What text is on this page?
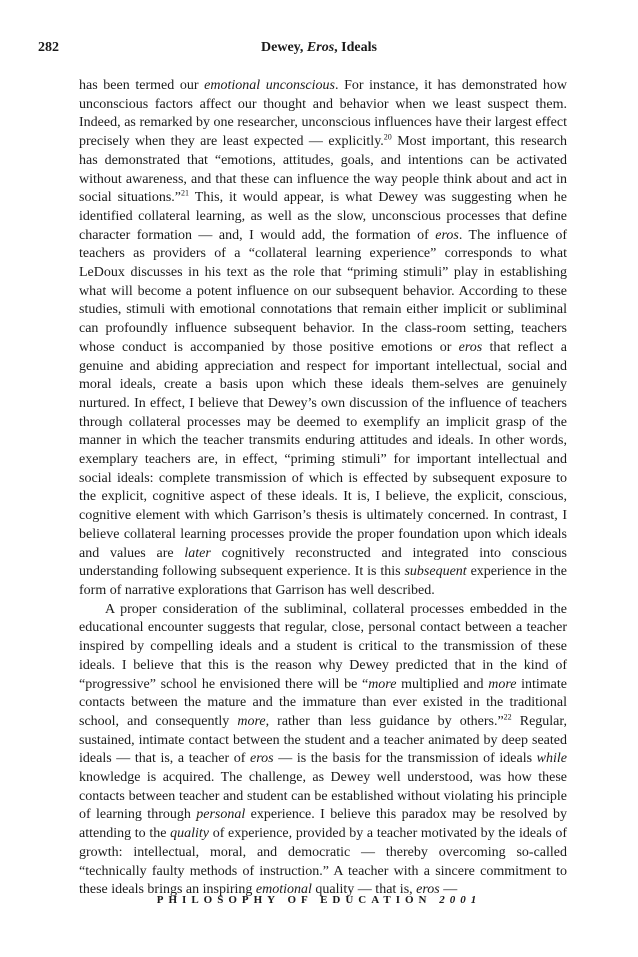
282	Dewey, Eros, Ideals

has been termed our emotional unconscious. For instance, it has demonstrated how unconscious factors affect our thought and behavior when we least suspect them. Indeed, as remarked by one researcher, unconscious influences have their largest effect precisely when they are least expected — explicitly.$^{20}$ Most important, this research has demonstrated that “emotions, attitudes, goals, and intentions can be activated without awareness, and that these can influence the way people think about and act in social situations.”$^{21}$ This, it would appear, is what Dewey was suggesting when he identified collateral learning, as well as the slow, unconscious processes that define character formation — and, I would add, the formation of eros. The influence of teachers as providers of a “collateral learning experience” corresponds to what LeDoux discusses in his text as the role that “priming stimuli” play in establishing what will become a potent influence on our subsequent behavior. According to these studies, stimuli with emotional connotations that remain either implicit or subliminal can profoundly influence subsequent behavior. In the class-room setting, teachers whose conduct is accompanied by those positive emotions or eros that reflect a genuine and abiding appreciation and respect for important intellectual, social and moral ideals, create a basis upon which these ideals them-selves are genuinely nurtured. In effect, I believe that Dewey’s own discussion of the influence of teachers through collateral processes may be deemed to exemplify an implicit grasp of the manner in which the teacher transmits enduring attitudes and ideals. In other words, exemplary teachers are, in effect, “priming stimuli” for important intellectual and social ideals: complete transmission of which is effected by subsequent exposure to the explicit, cognitive aspect of these ideals. It is, I believe, the explicit, conscious, cognitive element with which Garrison’s thesis is ultimately concerned. In contrast, I believe collateral learning processes provide the proper foundation upon which ideals and values are later cognitively reconstructed and integrated into conscious understanding following subsequent experience. It is this subsequent experience in the form of narrative explorations that Garrison has well described.

A proper consideration of the subliminal, collateral processes embedded in the educational encounter suggests that regular, close, personal contact between a teacher inspired by compelling ideals and a student is critical to the transmission of these ideals. I believe that this is the reason why Dewey predicted that in the kind of “progressive” school he envisioned there will be “more multiplied and more intimate contacts between the mature and the immature than ever existed in the traditional school, and consequently more, rather than less guidance by others.”$^{22}$ Regular, sustained, intimate contact between the student and a teacher animated by deep seated ideals — that is, a teacher of eros — is the basis for the transmission of ideals while knowledge is acquired. The challenge, as Dewey well understood, was how these contacts between teacher and student can be established without violating his principle of learning through personal experience. I believe this paradox may be resolved by attending to the quality of experience, provided by a teacher motivated by the ideals of growth: intellectual, moral, and democratic — thereby overcoming so-called “technically faulty methods of instruction.” A teacher with a sincere commitment to these ideals brings an inspiring emotional quality — that is, eros —

PHILOSOPHY OF EDUCATION 2001
